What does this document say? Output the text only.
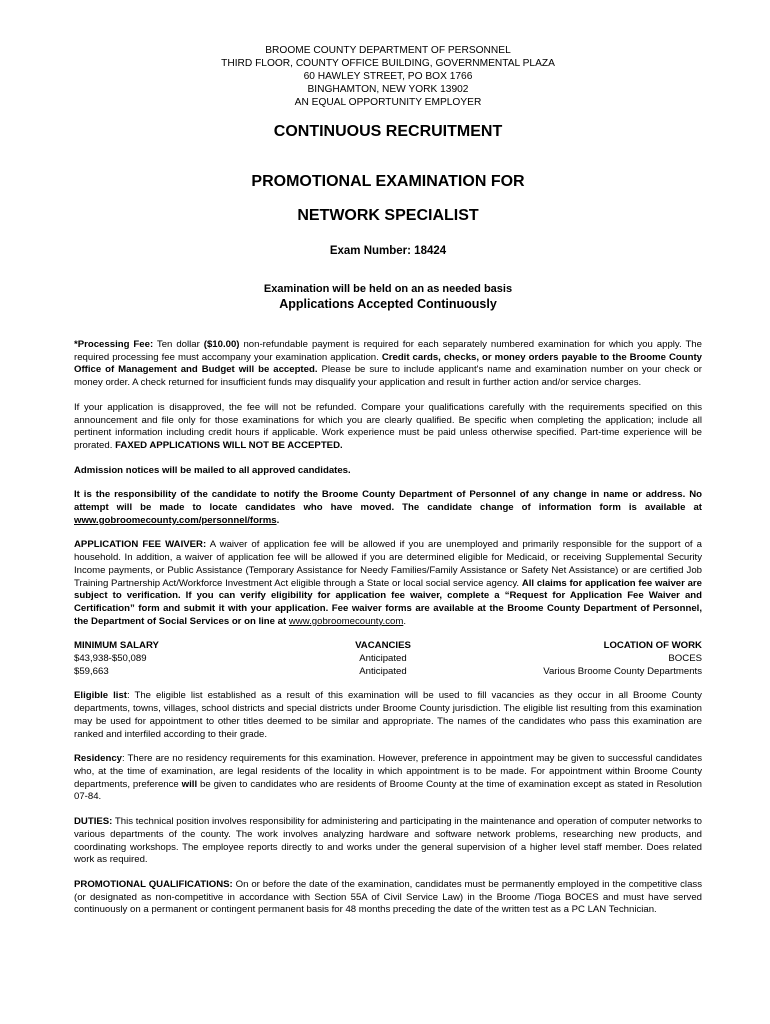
BROOME COUNTY DEPARTMENT OF PERSONNEL
THIRD FLOOR, COUNTY OFFICE BUILDING, GOVERNMENTAL PLAZA
60 HAWLEY STREET, PO BOX 1766
BINGHAMTON, NEW YORK 13902
AN EQUAL OPPORTUNITY EMPLOYER
CONTINUOUS RECRUITMENT
PROMOTIONAL EXAMINATION FOR
NETWORK SPECIALIST
Exam Number: 18424
Examination will be held on an as needed basis
Applications Accepted Continuously

*Processing Fee: Ten dollar ($10.00) non-refundable payment is required for each separately numbered examination for which you apply. The required processing fee must accompany your examination application. Credit cards, checks, or money orders payable to the Broome County Office of Management and Budget will be accepted. Please be sure to include applicant's name and examination number on your check or money order. A check returned for insufficient funds may disqualify your application and result in further action and/or service charges.

If your application is disapproved, the fee will not be refunded. Compare your qualifications carefully with the requirements specified on this announcement and file only for those examinations for which you are clearly qualified. Be specific when completing the application; include all pertinent information including credit hours if applicable. Work experience must be paid unless otherwise specified. Part-time experience will be prorated. FAXED APPLICATIONS WILL NOT BE ACCEPTED.

Admission notices will be mailed to all approved candidates.

It is the responsibility of the candidate to notify the Broome County Department of Personnel of any change in name or address. No attempt will be made to locate candidates who have moved. The candidate change of information form is available at www.gobroomecounty.com/personnel/forms.

APPLICATION FEE WAIVER: A waiver of application fee will be allowed if you are unemployed and primarily responsible for the support of a household. In addition, a waiver of application fee will be allowed if you are determined eligible for Medicaid, or receiving Supplemental Security Income payments, or Public Assistance (Temporary Assistance for Needy Families/Family Assistance or Safety Net Assistance) or are certified Job Training Partnership Act/Workforce Investment Act eligible through a State or local social service agency. All claims for application fee waiver are subject to verification. If you can verify eligibility for application fee waiver, complete a “Request for Application Fee Waiver and Certification” form and submit it with your application. Fee waiver forms are available at the Broome County Department of Personnel, the Department of Social Services or on line at www.gobroomecounty.com.

MINIMUM SALARY
$43,938-$50,089
$59,663
VACANCIES
Anticipated
Anticipated
LOCATION OF WORK
BOCES
Various Broome County Departments

Eligible list: The eligible list established as a result of this examination will be used to fill vacancies as they occur in all Broome County departments, towns, villages, school districts and special districts under Broome County jurisdiction. The eligible list resulting from this examination may be used for appointment to other titles deemed to be similar and appropriate. The names of the candidates who pass this examination are ranked and interfiled according to their grade.

Residency: There are no residency requirements for this examination. However, preference in appointment may be given to successful candidates who, at the time of examination, are legal residents of the locality in which appointment is to be made. For appointment within Broome County departments, preference will be given to candidates who are residents of Broome County at the time of examination except as stated in Resolution 07-84.

DUTIES: This technical position involves responsibility for administering and participating in the maintenance and operation of computer networks to various departments of the county. The work involves analyzing hardware and software network problems, researching new products, and coordinating workshops. The employee reports directly to and works under the general supervision of a higher level staff member. Does related work as required.

PROMOTIONAL QUALIFICATIONS: On or before the date of the examination, candidates must be permanently employed in the competitive class (or designated as non-competitive in accordance with Section 55A of Civil Service Law) in the Broome /Tioga BOCES and must have served continuously on a permanent or contingent permanent basis for 48 months preceding the date of the written test as a PC LAN Technician.
